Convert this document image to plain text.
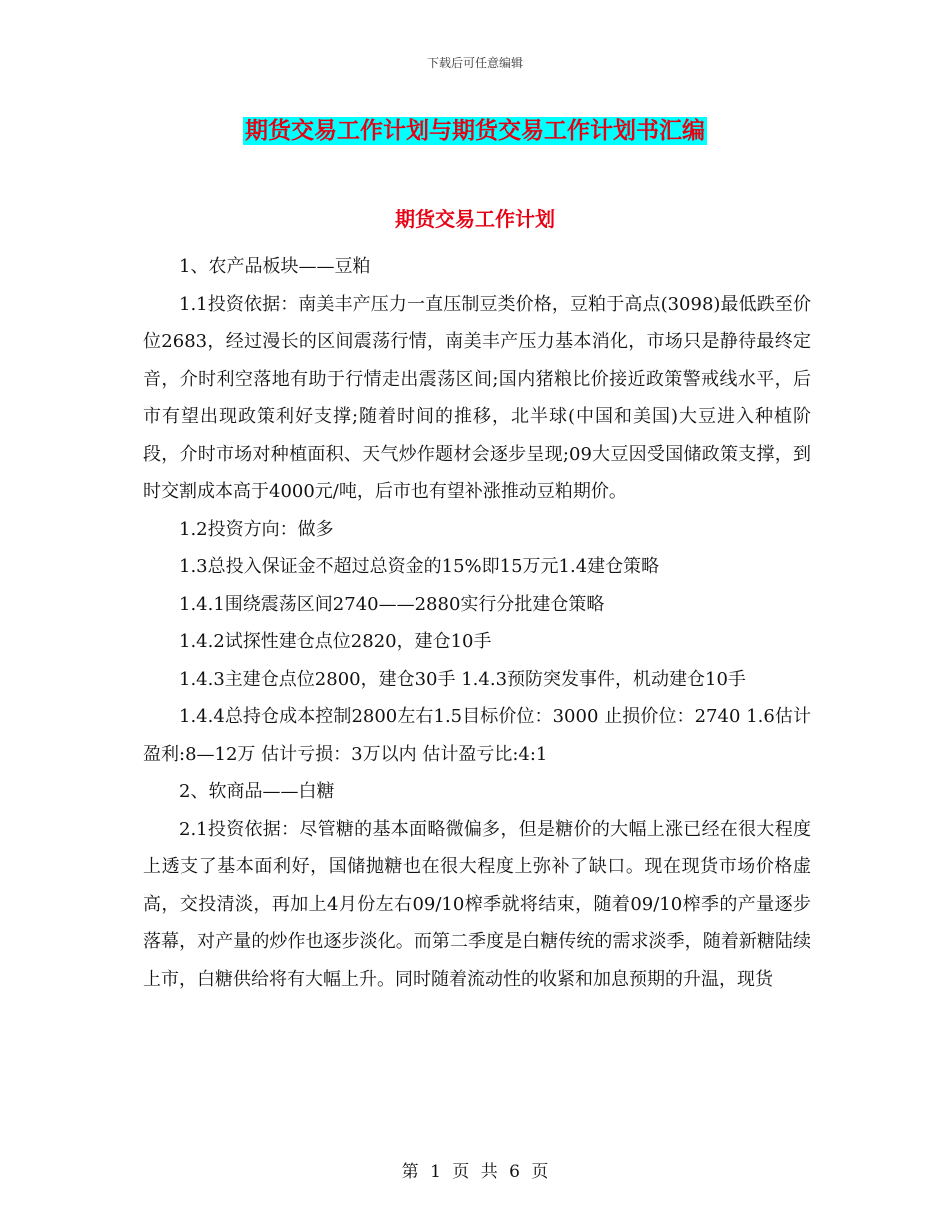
下载后可任意编辑
期货交易工作计划与期货交易工作计划书汇编
期货交易工作计划

1、农产品板块——豆粕

1.1投资依据：南美丰产压力一直压制豆类价格，豆粕于高点(3098)最低跌至价位2683，经过漫长的区间震荡行情，南美丰产压力基本消化，市场只是静待最终定音，介时利空落地有助于行情走出震荡区间;国内猪粮比价接近政策警戒线水平，后市有望出现政策利好支撑;随着时间的推移，北半球(中国和美国)大豆进入种植阶段，介时市场对种植面积、天气炒作题材会逐步呈现;09大豆因受国储政策支撑，到时交割成本高于4000元/吨，后市也有望补涨推动豆粕期价。

1.2投资方向：做多

1.3总投入保证金不超过总资金的15%即15万元1.4建仓策略

1.4.1围绕震荡区间2740——2880实行分批建仓策略

1.4.2试探性建仓点位2820，建仓10手

1.4.3主建仓点位2800，建仓30手 1.4.3预防突发事件，机动建仓10手

1.4.4总持仓成本控制2800左右1.5目标价位：3000 止损价位：2740 1.6估计盈利:8—12万 估计亏损：3万以内 估计盈亏比:4:1

2、软商品——白糖

2.1投资依据：尽管糖的基本面略微偏多，但是糖价的大幅上涨已经在很大程度上透支了基本面利好，国储抛糖也在很大程度上弥补了缺口。现在现货市场价格虚高，交投清淡，再加上4月份左右09/10榨季就将结束，随着09/10榨季的产量逐步落幕，对产量的炒作也逐步淡化。而第二季度是白糖传统的需求淡季，随着新糖陆续上市，白糖供给将有大幅上升。同时随着流动性的收紧和加息预期的升温，现货

第 1 页 共 6 页
